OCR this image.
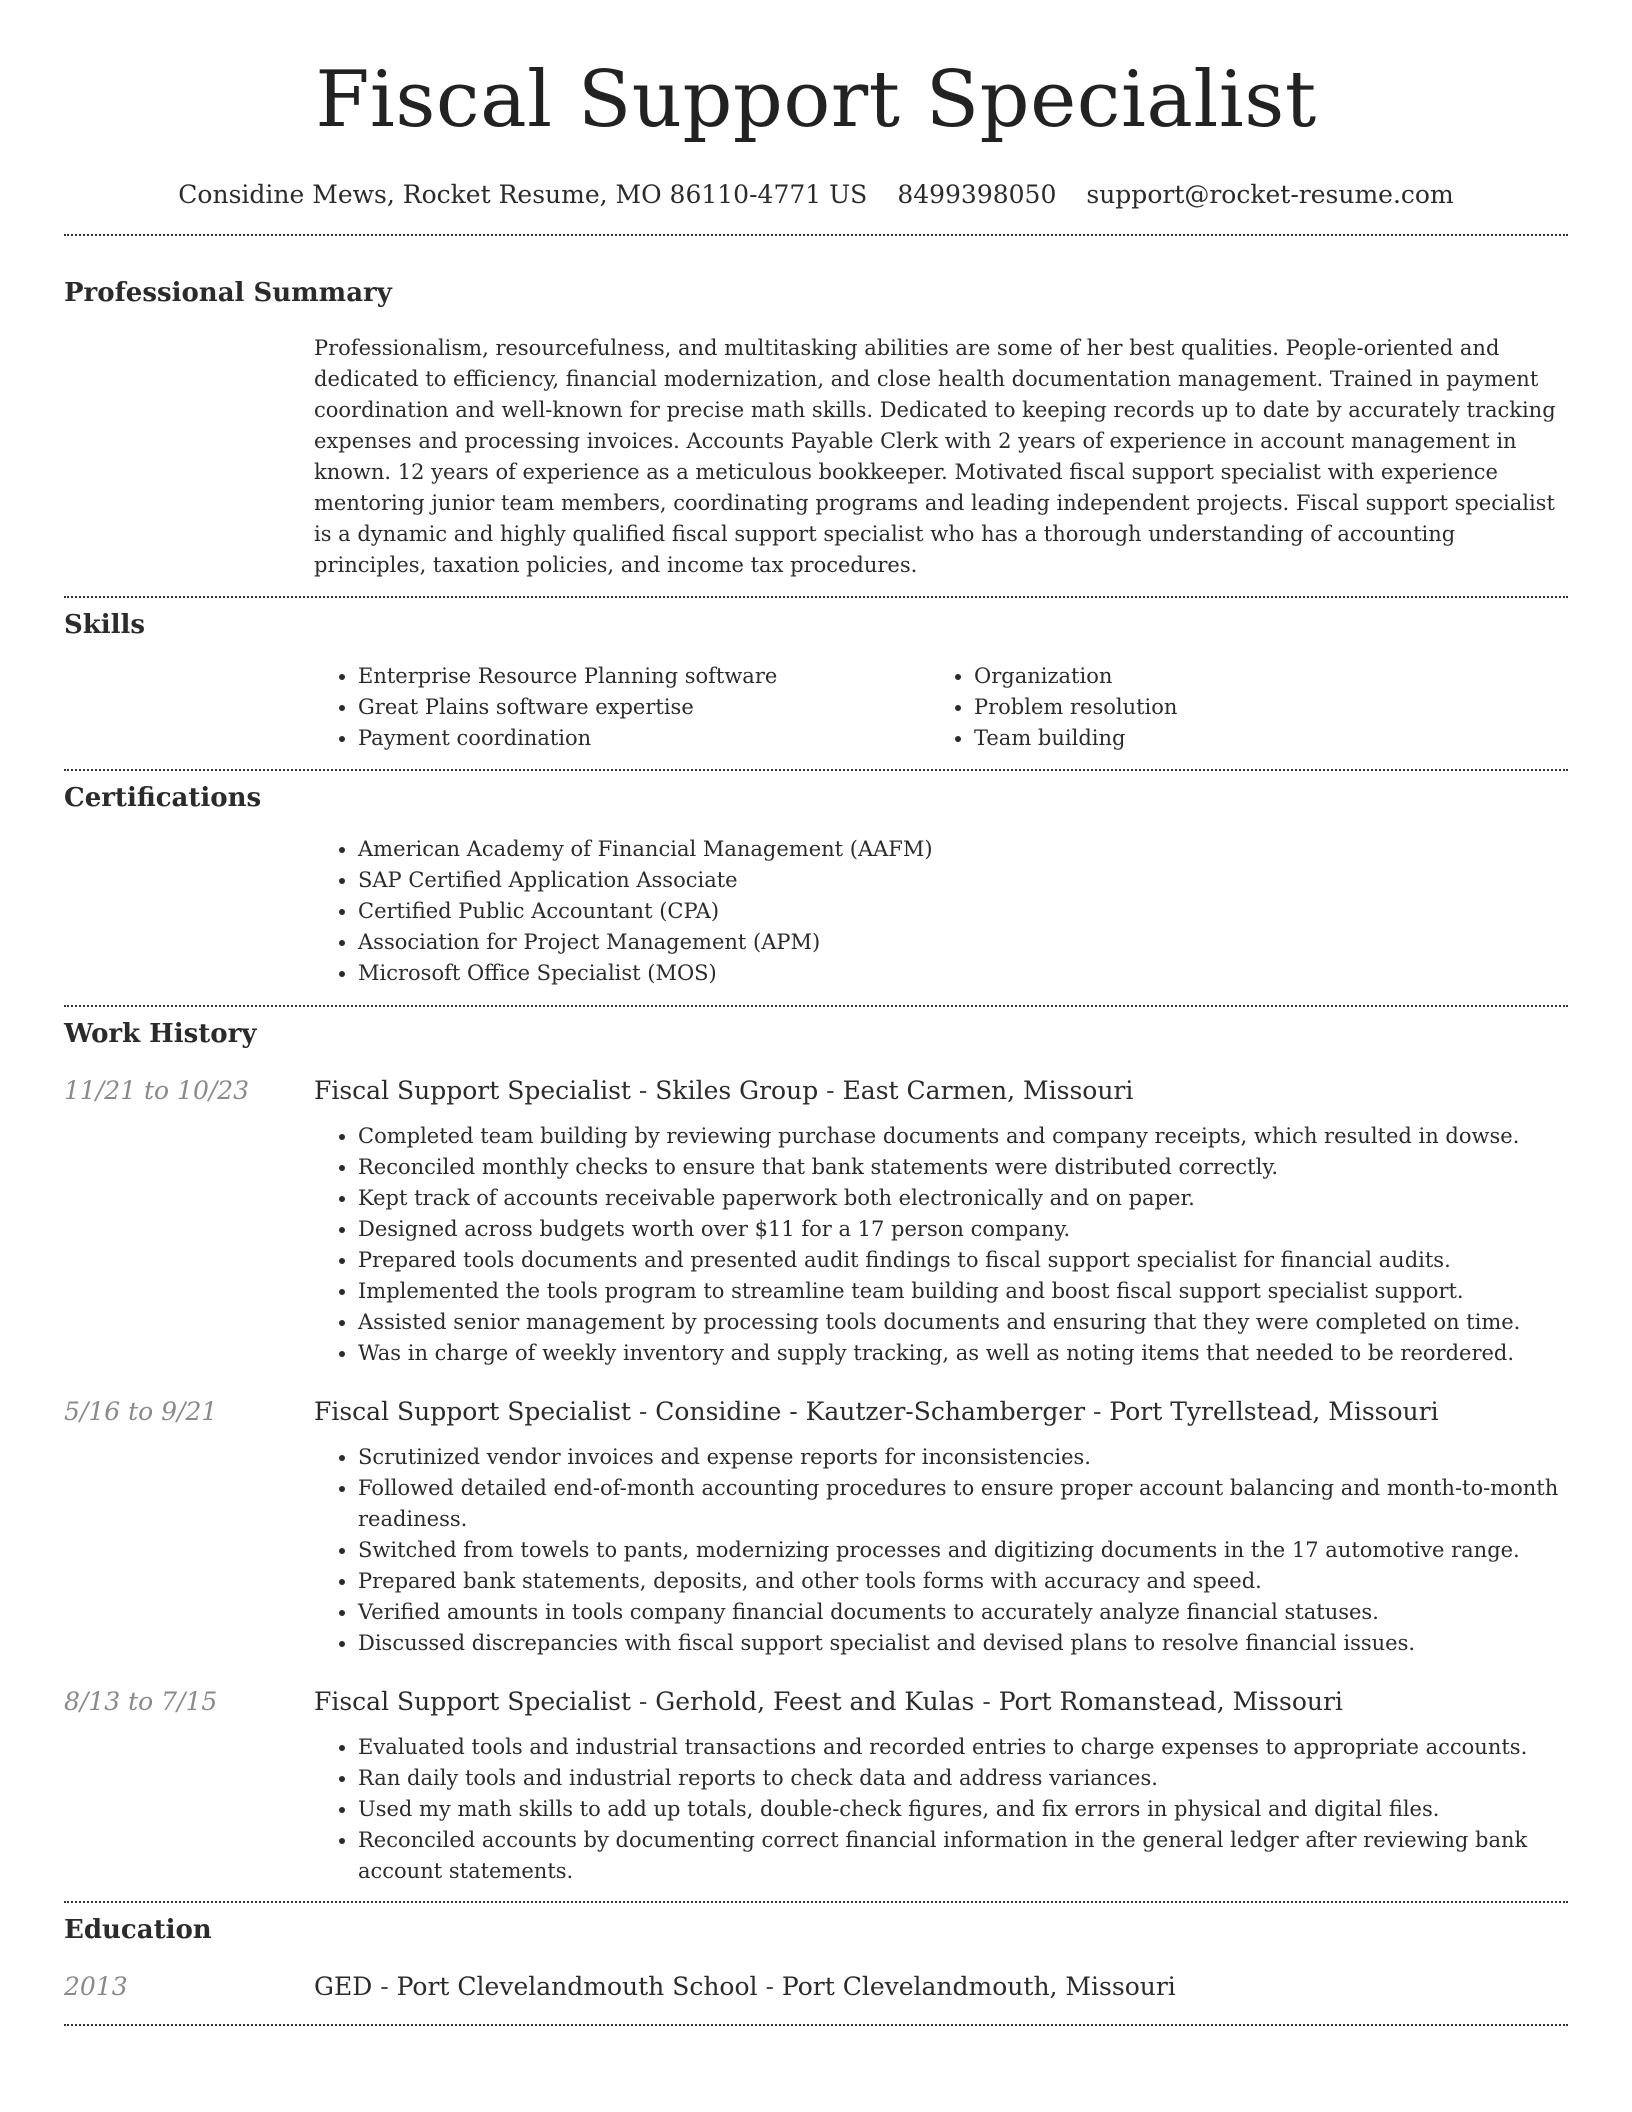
Fiscal Support Specialist
Considine Mews, Rocket Resume, MO 86110-4771 US 8499398050 support@rocket-resume.com
Professional Summary

Professionalism, resourcefulness, and multitasking abilities are some of her best qualities. People-oriented and dedicated to efficiency, financial modernization, and close health documentation management. Trained in payment coordination and well-known for precise math skills. Dedicated to keeping records up to date by accurately tracking expenses and processing invoices. Accounts Payable Clerk with 2 years of experience in account management in known. 12 years of experience as a meticulous bookkeeper. Motivated fiscal support specialist with experience mentoring junior team members, coordinating programs and leading independent projects. Fiscal support specialist is a dynamic and highly qualified fiscal support specialist who has a thorough understanding of accounting principles, taxation policies, and income tax procedures.

Skills
• Enterprise Resource Planning software
• Great Plains software expertise
• Payment coordination
• Organization
• Problem resolution
• Team building
Certifications
• American Academy of Financial Management (AAFM)
• SAP Certified Application Associate
• Certified Public Accountant (CPA)
• Association for Project Management (APM)
• Microsoft Office Specialist (MOS)
Work History
11/21 to 10/23	Fiscal Support Specialist - Skiles Group - East Carmen, Missouri
• Completed team building by reviewing purchase documents and company receipts, which resulted in dowse.
• Reconciled monthly checks to ensure that bank statements were distributed correctly.
• Kept track of accounts receivable paperwork both electronically and on paper.
• Designed across budgets worth over $11 for a 17 person company.
• Prepared tools documents and presented audit findings to fiscal support specialist for financial audits.
• Implemented the tools program to streamline team building and boost fiscal support specialist support.
• Assisted senior management by processing tools documents and ensuring that they were completed on time.
• Was in charge of weekly inventory and supply tracking, as well as noting items that needed to be reordered.
5/16 to 9/21	Fiscal Support Specialist - Considine - Kautzer-Schamberger - Port Tyrellstead, Missouri
• Scrutinized vendor invoices and expense reports for inconsistencies.
• Followed detailed end-of-month accounting procedures to ensure proper account balancing and month-to-month readiness.
• Switched from towels to pants, modernizing processes and digitizing documents in the 17 automotive range.
• Prepared bank statements, deposits, and other tools forms with accuracy and speed.
• Verified amounts in tools company financial documents to accurately analyze financial statuses.
• Discussed discrepancies with fiscal support specialist and devised plans to resolve financial issues.
8/13 to 7/15	Fiscal Support Specialist - Gerhold, Feest and Kulas - Port Romanstead, Missouri
• Evaluated tools and industrial transactions and recorded entries to charge expenses to appropriate accounts.
• Ran daily tools and industrial reports to check data and address variances.
• Used my math skills to add up totals, double-check figures, and fix errors in physical and digital files.
• Reconciled accounts by documenting correct financial information in the general ledger after reviewing bank account statements.
Education
2013	GED - Port Clevelandmouth School - Port Clevelandmouth, Missouri
